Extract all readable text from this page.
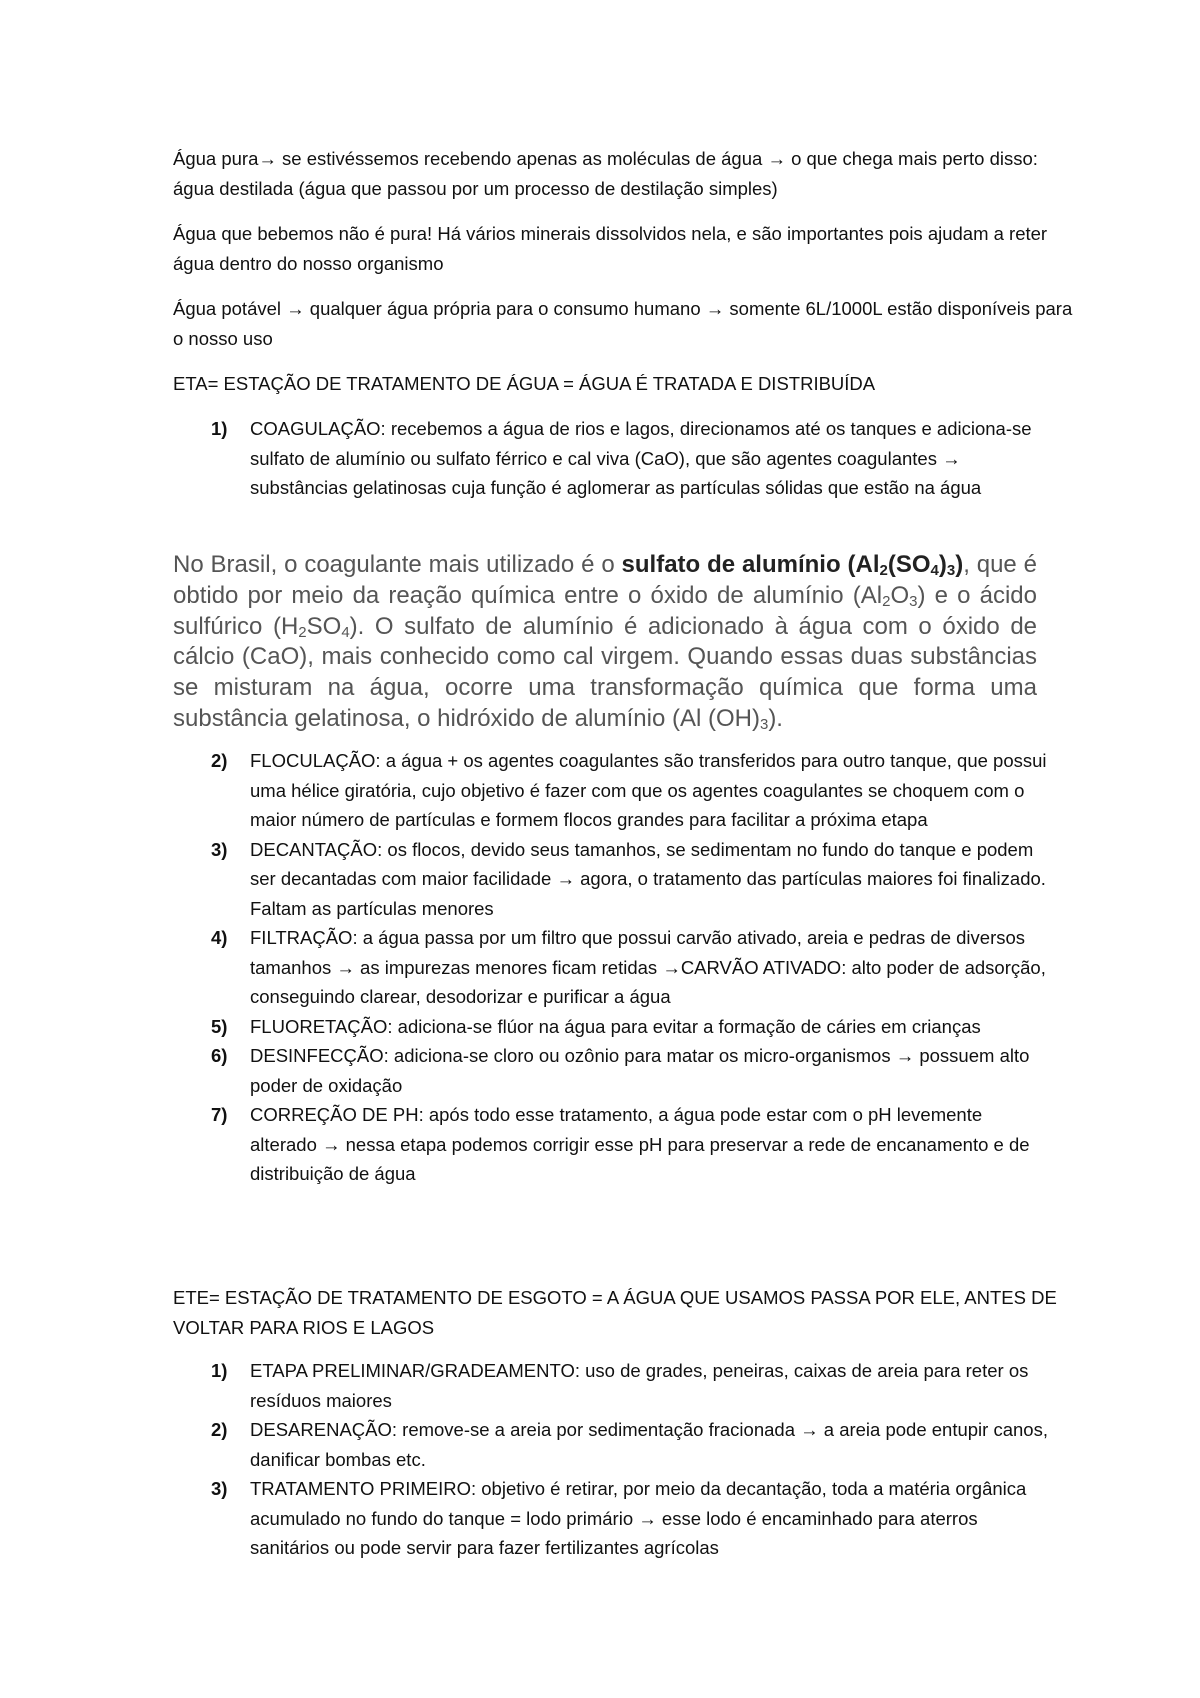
Água pura→ se estivéssemos recebendo apenas as moléculas de água → o que chega mais perto disso: água destilada (água que passou por um processo de destilação simples)
Água que bebemos não é pura! Há vários minerais dissolvidos nela, e são importantes pois ajudam a reter água dentro do nosso organismo
Água potável → qualquer água própria para o consumo humano → somente 6L/1000L estão disponíveis para o nosso uso
ETA= ESTAÇÃO DE TRATAMENTO DE ÁGUA = ÁGUA É TRATADA E DISTRIBUÍDA
1) COAGULAÇÃO: recebemos a água de rios e lagos, direcionamos até os tanques e adiciona-se sulfato de alumínio ou sulfato férrico e cal viva (CaO), que são agentes coagulantes → substâncias gelatinosas cuja função é aglomerar as partículas sólidas que estão na água
No Brasil, o coagulante mais utilizado é o sulfato de alumínio $(Al_2(SO_4)_3)$, que é obtido por meio da reação química entre o óxido de alumínio $(Al_2O_3)$ e o ácido sulfúrico $(H_2SO_4)$. O sulfato de alumínio é adicionado à água com o óxido de cálcio (CaO), mais conhecido como cal virgem. Quando essas duas substâncias se misturam na água, ocorre uma transformação química que forma uma substância gelatinosa, o hidróxido de alumínio (Al $(OH)_3$).
2) FLOCULAÇÃO: a água + os agentes coagulantes são transferidos para outro tanque, que possui uma hélice giratória, cujo objetivo é fazer com que os agentes coagulantes se choquem com o maior número de partículas e formem flocos grandes para facilitar a próxima etapa
3) DECANTAÇÃO: os flocos, devido seus tamanhos, se sedimentam no fundo do tanque e podem ser decantadas com maior facilidade → agora, o tratamento das partículas maiores foi finalizado. Faltam as partículas menores
4) FILTRAÇÃO: a água passa por um filtro que possui carvão ativado, areia e pedras de diversos tamanhos → as impurezas menores ficam retidas →CARVÃO ATIVADO: alto poder de adsorção, conseguindo clarear, desodorizar e purificar a água
5) FLUORETAÇÃO: adiciona-se flúor na água para evitar a formação de cáries em crianças
6) DESINFECÇÃO: adiciona-se cloro ou ozônio para matar os micro-organismos → possuem alto poder de oxidação
7) CORREÇÃO DE PH: após todo esse tratamento, a água pode estar com o pH levemente alterado → nessa etapa podemos corrigir esse pH para preservar a rede de encanamento e de distribuição de água
ETE= ESTAÇÃO DE TRATAMENTO DE ESGOTO = A ÁGUA QUE USAMOS PASSA POR ELE, ANTES DE VOLTAR PARA RIOS E LAGOS
1) ETAPA PRELIMINAR/GRADEAMENTO: uso de grades, peneiras, caixas de areia para reter os resíduos maiores
2) DESARENAÇÃO: remove-se a areia por sedimentação fracionada → a areia pode entupir canos, danificar bombas etc.
3) TRATAMENTO PRIMEIRO: objetivo é retirar, por meio da decantação, toda a matéria orgânica acumulado no fundo do tanque = lodo primário → esse lodo é encaminhado para aterros sanitários ou pode servir para fazer fertilizantes agrícolas
